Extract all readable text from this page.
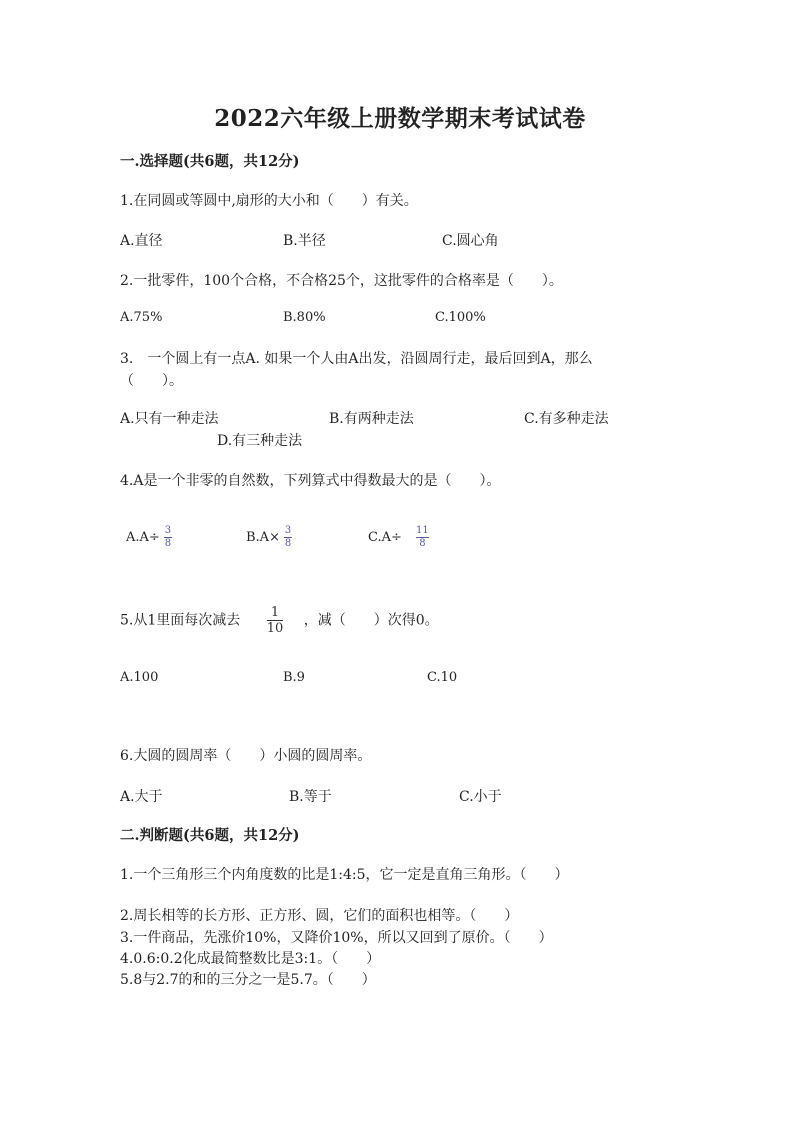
2022六年级上册数学期末考试试卷
一.选择题(共6题，共12分)
1.在同圆或等圆中,扇形的大小和（　　）有关。
A.直径	B.半径	C.圆心角
2.一批零件，100个合格，不合格25个，这批零件的合格率是（　　）。
A.75%	B.80%	C.100%
3.　一个圆上有一点A. 如果一个人由A出发，沿圆周行走，最后回到A，那么
（　　）。
A.只有一种走法	B.有两种走法	C.有多种走法
D.有三种走法
4.A是一个非零的自然数，下列算式中得数最大的是（　　）。
$A.A\div \frac{3}{8}$	$B.A\times \frac{3}{8}$	$C.A\div \frac{11}{8}$
5.从1里面每次减去 $\frac{1}{10}$ ，减（　　）次得0。
A.100	B.9	C.10
6.大圆的圆周率（　　）小圆的圆周率。
A.大于	B.等于	C.小于
二.判断题(共6题，共12分)
1.一个三角形三个内角度数的比是1:4:5，它一定是直角三角形。（　　）
2.周长相等的长方形、正方形、圆，它们的面积也相等。（　　）
3.一件商品，先涨价10%，又降价10%，所以又回到了原价。（　　）
4.0.6:0.2化成最简整数比是3:1。（　　）
5.8与2.7的和的三分之一是5.7。（　　）
